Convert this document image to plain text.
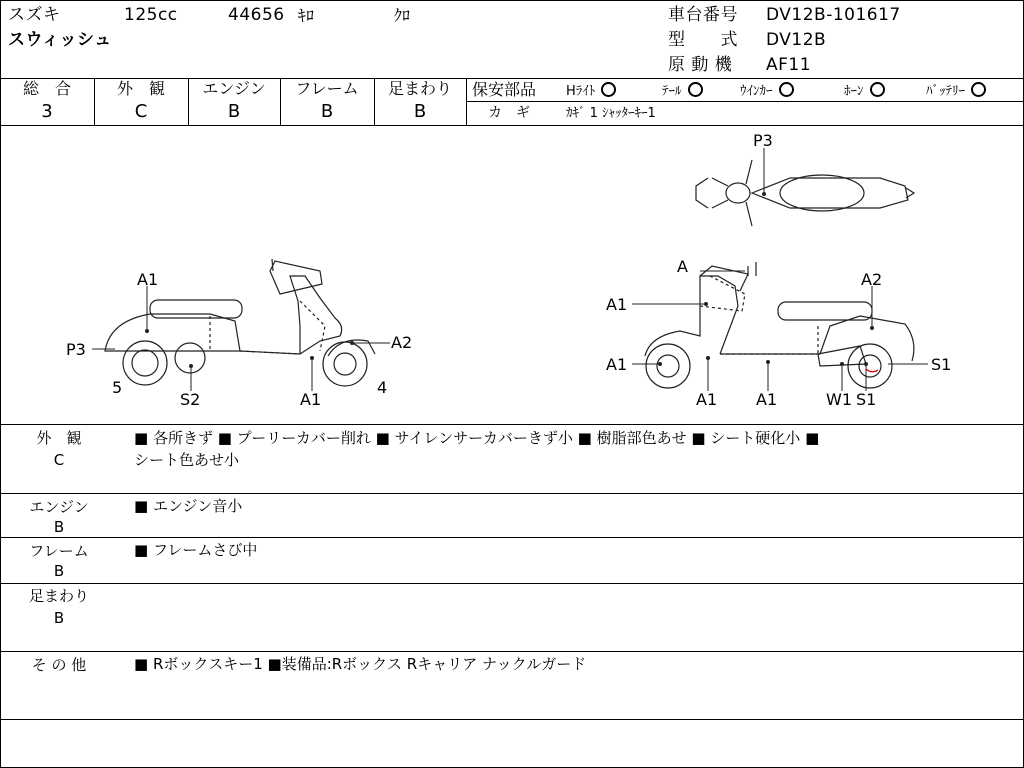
スズキ	125cc	44656 ｷﾛ	ｸﾛ
スウィッシュ
車台番号 DV12B-101617
型　　式 DV12B
原 動 機 AF11
総　合
3
外　観
C
エンジン
B
フレーム
B
足まわり
B
保安部品 Hﾗｲﾄ	ﾃｰﾙ	ｳｲﾝｶｰ	ﾎｰﾝ	ﾊﾞｯﾃﾘｰ
カ　ギ	ｶｷﾞ 1 ｼｬｯﾀｰｷｰ1
P3
A1
P3	A2
5
S2	A1
4
A
A1
A2
A1	S1
A1 A1	W1 S1
外　観
C
■ 各所きず ■ プーリーカバー削れ ■ サイレンサーカバーきず小 ■ 樹脂部色あせ ■ シート硬化小 ■
シート色あせ小
エンジン
B
■ エンジン音小
フレーム
B
■ フレームさび中
足まわり
B
そ の 他	■ Rボックスキー1 ■装備品:Rボックス Rキャリア ナックルガード
